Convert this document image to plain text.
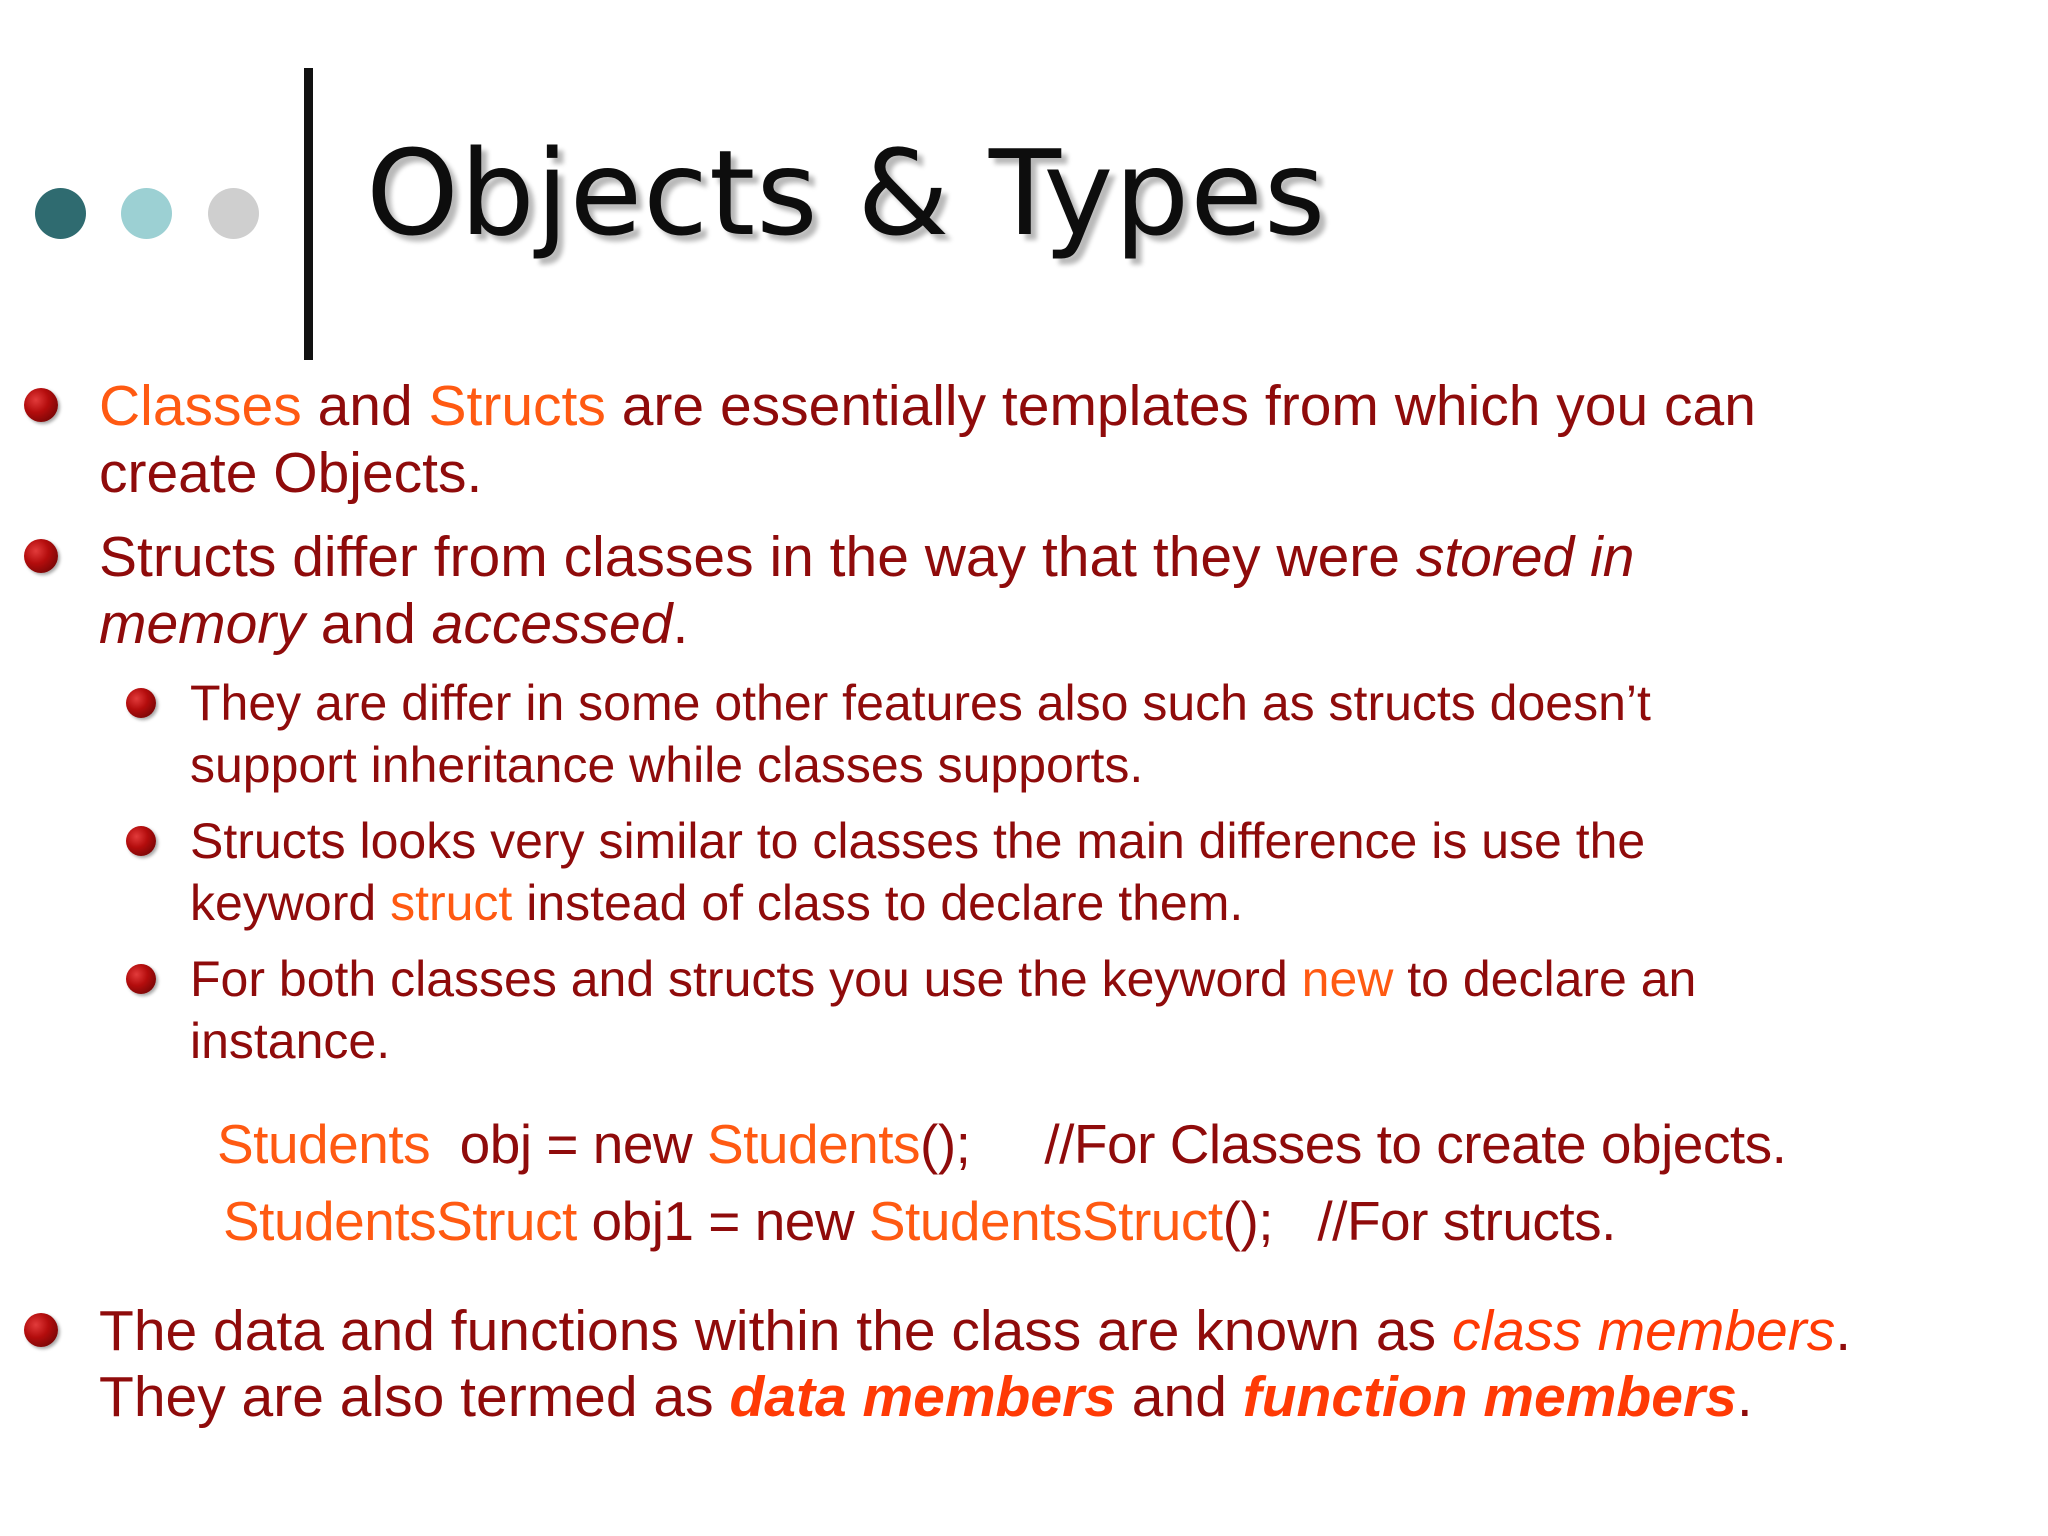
Objects & Types
Classes and Structs are essentially templates from which you can
create Objects.
Structs differ from classes in the way that they were stored in
memory and accessed.
They are differ in some other features also such as structs doesn’t
support inheritance while classes supports.
Structs looks very similar to classes the main difference is use the
keyword struct instead of class to declare them.
For both classes and structs you use the keyword new to declare an
instance.
Students  obj = new Students();     //For Classes to create objects.
StudentsStruct obj1 = new StudentsStruct();   //For structs.
The data and functions within the class are known as class members.
They are also termed as data members and function members.
